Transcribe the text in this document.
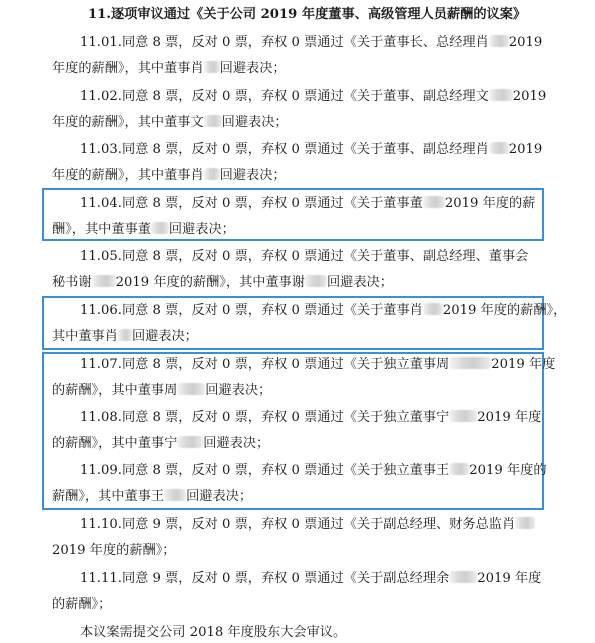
11.逐项审议通过《关于公司 2019 年度董事、高级管理人员薪酬的议案》
11.01.同意 8 票，反对 0 票，弃权 0 票通过《关于董事长、总经理肖 2019
年度的薪酬》，其中董事肖 回避表决；
11.02.同意 8 票，反对 0 票，弃权 0 票通过《关于董事、副总经理文 2019
年度的薪酬》，其中董事文 回避表决；
11.03.同意 8 票，反对 0 票，弃权 0 票通过《关于董事、副总经理肖 2019
年度的薪酬》，其中董事肖 回避表决；
11.04.同意 8 票，反对 0 票，弃权 0 票通过《关于董事董 2019 年度的薪
酬》，其中董事董 回避表决；
11.05.同意 8 票，反对 0 票，弃权 0 票通过《关于董事、副总经理、董事会
秘书谢 2019 年度的薪酬》，其中董事谢 回避表决；
11.06.同意 8 票，反对 0 票，弃权 0 票通过《关于董事肖 2019 年度的薪酬》，
其中董事肖 回避表决；
11.07.同意 8 票，反对 0 票，弃权 0 票通过《关于独立董事周	2019 年度
的薪酬》，其中董事周 回避表决；
11.08.同意 8 票，反对 0 票，弃权 0 票通过《关于独立董事宁 2019 年度
的薪酬》，其中董事宁 回避表决；
11.09.同意 8 票，反对 0 票，弃权 0 票通过《关于独立董事王 2019 年度的
薪酬》，其中董事王 回避表决；
11.10.同意 9 票，反对 0 票，弃权 0 票通过《关于副总经理、财务总监肖
2019 年度的薪酬》；
11.11.同意 9 票，反对 0 票，弃权 0 票通过《关于副总经理余 2019 年度
的薪酬》；
本议案需提交公司 2018 年度股东大会审议。
